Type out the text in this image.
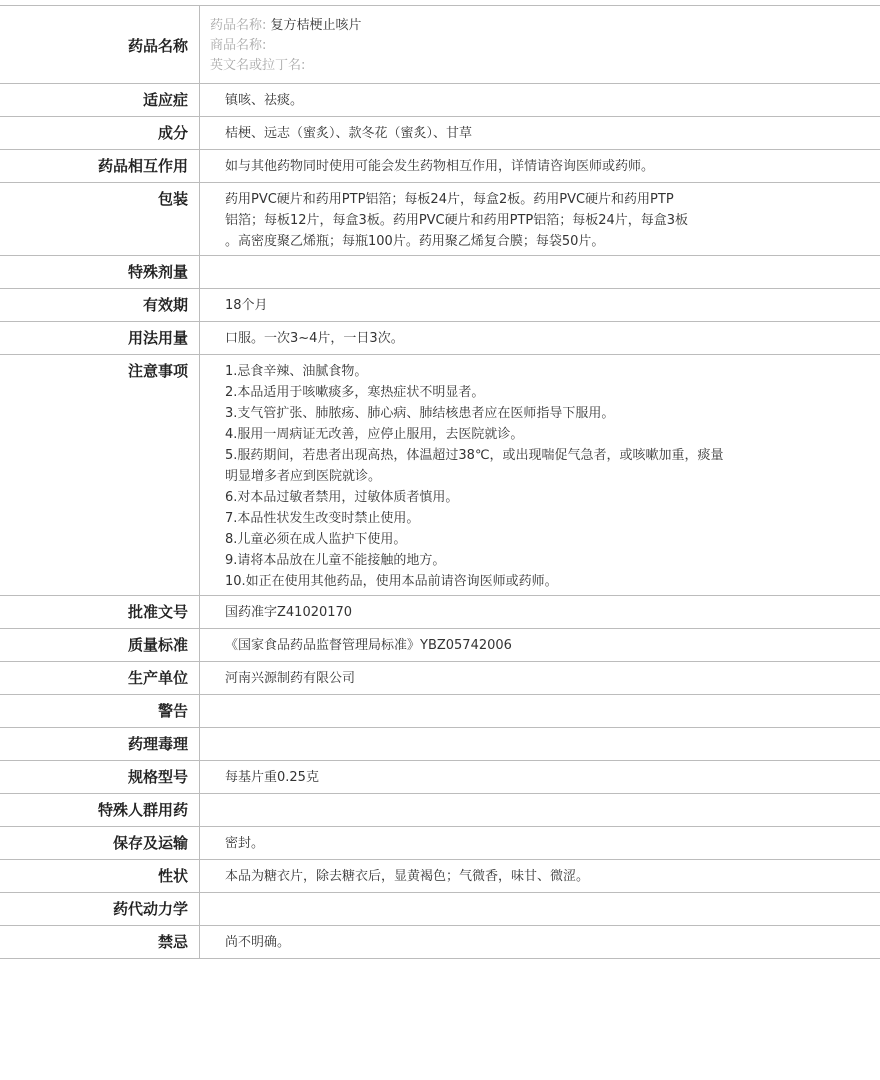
药品名称
药品名称: 复方桔梗止咳片
商品名称:
英文名或拉丁名:
适应症	镇咳、祛痰。
成分	桔梗、远志（蜜炙）、款冬花（蜜炙）、甘草
药品相互作用	如与其他药物同时使用可能会发生药物相互作用，详情请咨询医师或药师。
包装	药用PVC硬片和药用PTP铝箔；每板24片，每盒2板。药用PVC硬片和药用PTP
铝箔；每板12片，每盒3板。药用PVC硬片和药用PTP铝箔；每板24片，每盒3板
。高密度聚乙烯瓶；每瓶100片。药用聚乙烯复合膜；每袋50片。
特殊剂量
有效期	18个月
用法用量	口服。一次3~4片，一日3次。
注意事项	1.忌食辛辣、油腻食物。
2.本品适用于咳嗽痰多，寒热症状不明显者。
3.支气管扩张、肺脓疡、肺心病、肺结核患者应在医师指导下服用。
4.服用一周病证无改善，应停止服用，去医院就诊。
5.服药期间，若患者出现高热，体温超过38℃，或出现喘促气急者，或咳嗽加重，痰量
明显增多者应到医院就诊。
6.对本品过敏者禁用，过敏体质者慎用。
7.本品性状发生改变时禁止使用。
8.儿童必须在成人监护下使用。
9.请将本品放在儿童不能接触的地方。
10.如正在使用其他药品，使用本品前请咨询医师或药师。
批准文号	国药准字Z41020170
质量标准	《国家食品药品监督管理局标准》YBZ05742006
生产单位	河南兴源制药有限公司
警告
药理毒理
规格型号	每基片重0.25克
特殊人群用药
保存及运输	密封。
性状	本品为糖衣片，除去糖衣后，显黄褐色；气微香，味甘、微涩。
药代动力学
禁忌	尚不明确。
